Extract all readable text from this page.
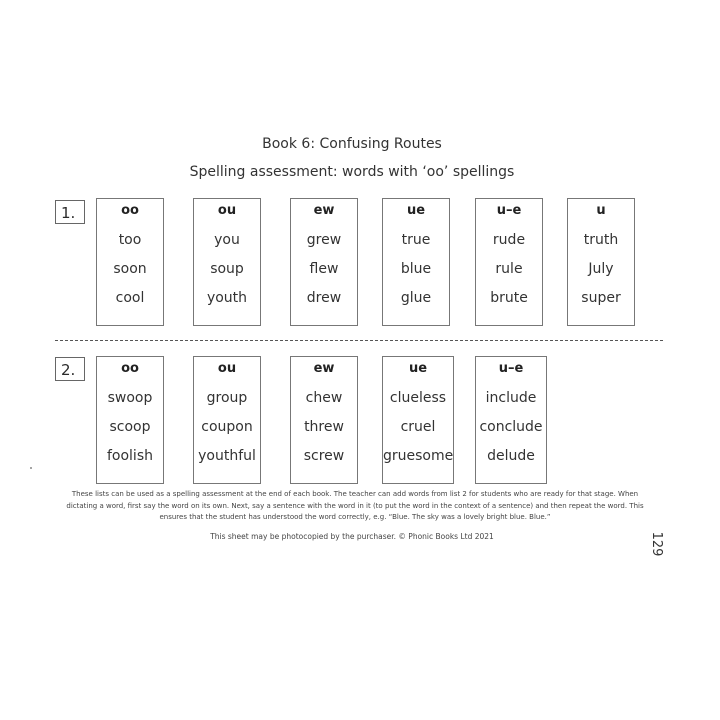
Book 6: Confusing Routes
Spelling assessment: words with ‘oo’ spellings
1.	oo
too
soon
cool
ou
you
soup
youth
ew
grew
flew
drew
ue
true
blue
glue
u–e
rude
rule
brute
u
truth
July
super
2.	oo
swoop
scoop
foolish
ou
group
coupon
youthful
ew
chew
threw
screw
ue
clueless
cruel
gruesome
u–e
include
conclude
delude
These lists can be used as a spelling assessment at the end of each book. The teacher can add words from list 2 for students who are ready for that stage. When dictating a word, first say the word on its own. Next, say a sentence with the word in it (to put the word in the context of a sentence) and then repeat the word. This ensures that the student has understood the word correctly, e.g. “Blue. The sky was a lovely bright blue. Blue.”
This sheet may be photocopied by the purchaser. © Phonic Books Ltd 2021	129
